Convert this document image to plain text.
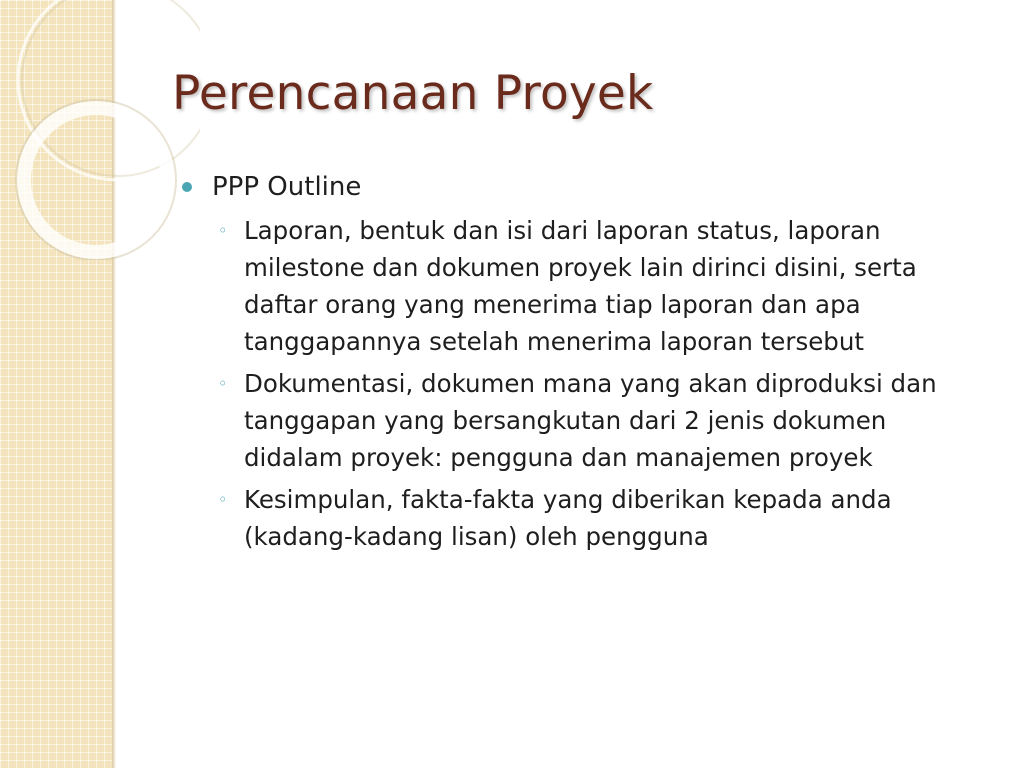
Perencanaan Proyek
PPP Outline
◦ Laporan, bentuk dan isi dari laporan status, laporan milestone dan dokumen proyek lain dirinci disini, serta daftar orang yang menerima tiap laporan dan apa tanggapannya setelah menerima laporan tersebut
◦ Dokumentasi, dokumen mana yang akan diproduksi dan tanggapan yang bersangkutan dari 2 jenis dokumen didalam proyek: pengguna dan manajemen proyek
◦ Kesimpulan, fakta-fakta yang diberikan kepada anda (kadang-kadang lisan) oleh pengguna
